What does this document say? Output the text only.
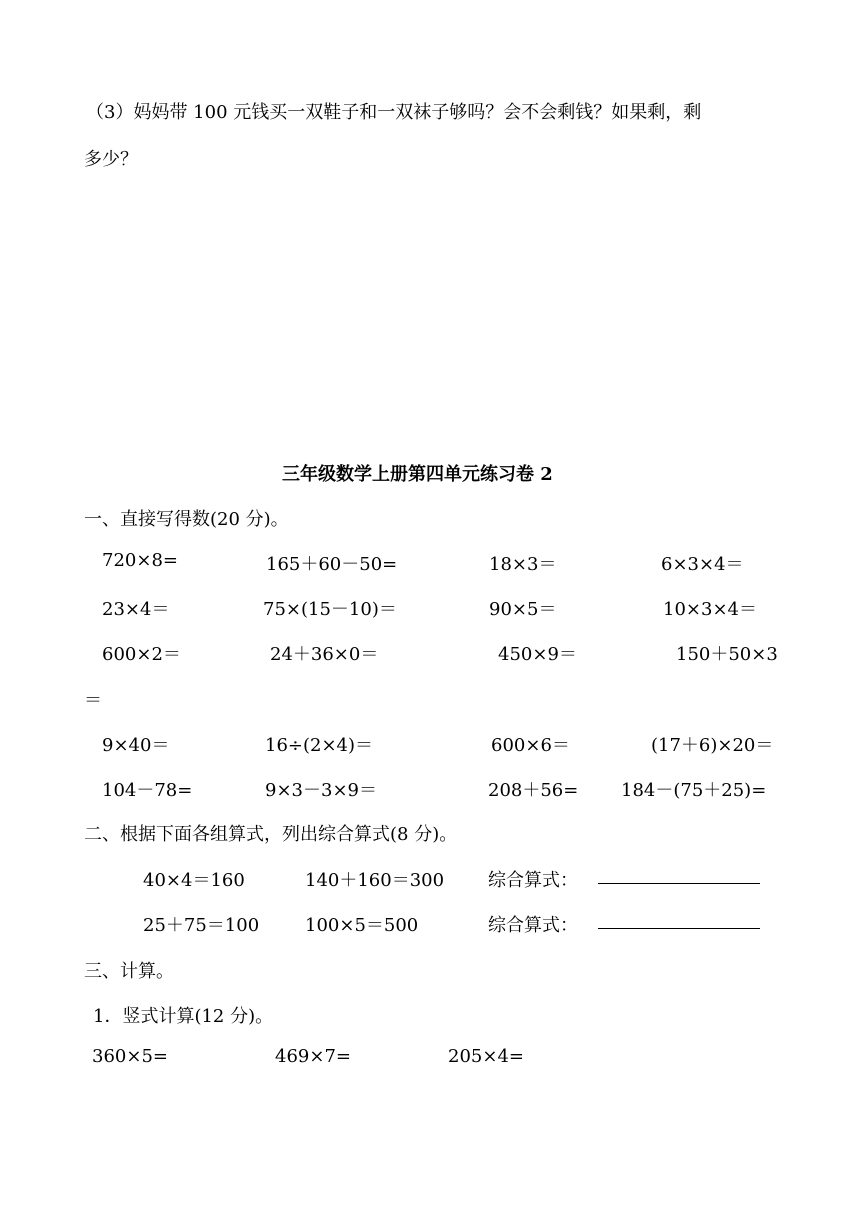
（3）妈妈带 100 元钱买一双鞋子和一双袜子够吗？会不会剩钱？如果剩，剩
多少？
三年级数学上册第四单元练习卷 2
一、直接写得数(20 分)。
720×8=	165＋60－50=	18×3＝	6×3×4＝
23×4＝	75×(15－10)＝	90×5＝	10×3×4＝
600×2＝	24＋36×0＝	450×9＝	150＋50×3
＝
9×40＝	16÷(2×4)＝	600×6＝	(17＋6)×20＝
104－78=	9×3－3×9＝	208＋56= 184－(75＋25)=
二、根据下面各组算式，列出综合算式(8 分)。
40×4＝160	140＋160＝300 综合算式：
25＋75＝100	100×5＝500	综合算式：
三、计算。
1．竖式计算(12 分)。
360×5=	469×7=	205×4=
